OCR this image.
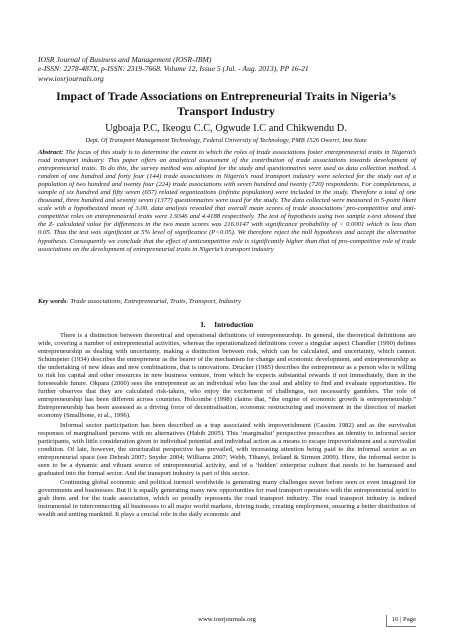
IOSR Journal of Business and Management (IOSR-JBM)
e-ISSN: 2278-487X, p-ISSN: 2319-7668. Volume 12, Issue 5 (Jul. - Aug. 2013), PP 16-21
www.iosrjournals.org
Impact of Trade Associations on Entrepreneurial Traits in Nigeria’s Transport Industry
Ugboaja P.C, Ikeogu C.C, Ogwude I.C and Chikwendu D.
Dept. Of Transport Management Technology, Federal University of Technology, PMB 1526 Owerri, Imo State
Abstract: The focus of this study is to determine the extent to which the roles of trade associations foster entrepreneurial traits in Nigeria’s road transport industry. This paper offers an analytical assessment of the contribution of trade associations towards development of entrepreneurial traits. To do this, the survey method was adopted for the study and questionnaires were used as data collection method. A random of one hundred and forty four (144) trade associations in Nigeria’s road transport industry were selected for the study out of a population of two hundred and twenty four (224) trade associations with seven hundred and twenty (720) respondents. For completeness, a sample of six hundred and fifty seven (657) related organizations (infinite population) were included in the study. Therefore a total of one thousand, three hundred and seventy seven (1377) questionnaires were used for the study. The data collected were measured in 5-point likert scale with a hypothesized mean of 3.00. data analysis revealed that overall mean scores of trade associations’ pro-competitive and anti-competitive roles on entrepreneurial traits were 1.9346 and 4.4188 respectively. The test of hypothesis using two sample z-test showed that the Z- calculated value for differences in the two mean scores was 216.0147 with significance probability of < 0.0001 which is less than 0.05. Thus the test was significant at 5% level of significance (P<0.05). We therefore reject the null hypothesis and accept the alternative hypothesis. Consequently we conclude that the effect of anticompetitive role is significantly higher than that of pro-competitive role of trade associations on the development of entrepreneurial traits in Nigeria’s transport industry
Key words: Trade associations, Entrepreneurial, Traits, Transport, Industry
I. Introduction

There is a distinction between theoretical and operational definitions of entrepreneurship. In general, the theoretical definitions are wide, covering a number of entrepreneurial activities, whereas the operationalized definitions cover a singular aspect Chandler (1990) defines entrepreneurship as dealing with uncertainty, making a distinction between risk, which can be calculated, and uncertainty, which cannot. Schumpeter (1934) describes the entrepreneur as the bearer of the mechanism for change and economic development, and entrepreneurship as the undertaking of new ideas and new combinations, that is innovations. Drucker (1985) describes the entrepreneur as a person who is willing to risk his capital and other resources in new business venture, from which he expects substantial rewards if not immediately, then in the foreseeable future. Okpara (2000) sees the entrepreneur as an individual who has the zeal and ability to find and evaluate opportunities. He further observes that they are calculated risk-takers, who enjoy the excitement of challenges, not necessarily gamblers. The role of entrepreneurship has been different across countries. Holcombe (1998) claims that, “the engine of economic growth is entrepreneurship.” Entrepreneurship has been assessed as a driving force of decentralisation, economic restructuring and movement in the direction of market economy (Smallbone, et al., 1996).

Informal sector participation has been described as a trap associated with impoverishment (Cassim 1982) and as the survivalist responses of marginalised persons with no alternatives (Habib 2005). This ‘marginalist’ perspective prescribes an identity to informal sector participants, with little consideration given to individual potential and individual action as a means to escape impoverishment and a survivalist condition. Of late, however, the structuralist perspective has prevailed, with increasing attention being paid to the informal sector as an entrepreneurial space (see Debrah 2007; Snyder 2004; Williams 2007; Webb, Tihanyi, Ireland & Sirmon 2009). Here, the informal sector is seen to be a dynamic and vibrant source of entrepreneurial activity, and of a ‘hidden’ enterprise culture that needs to be harnessed and graduated into the formal sector. And the transport industry is part of this sector.

Continuing global economic and political turmoil worldwide is generating many challenges never before seen or even imagined for governments and businesses. But it is equally generating many new opportunities for road transport operators with the entrepreneurial spirit to grab them and for the trade association, which so proudly represents the road transport industry. The road transport industry is indeed instrumental in interconnecting all businesses to all major world markets, driving trade, creating employment, ensuring a better distribution of wealth and uniting mankind. It plays a crucial role in the daily economic and

www.iosrjournals.org	16 | Page
